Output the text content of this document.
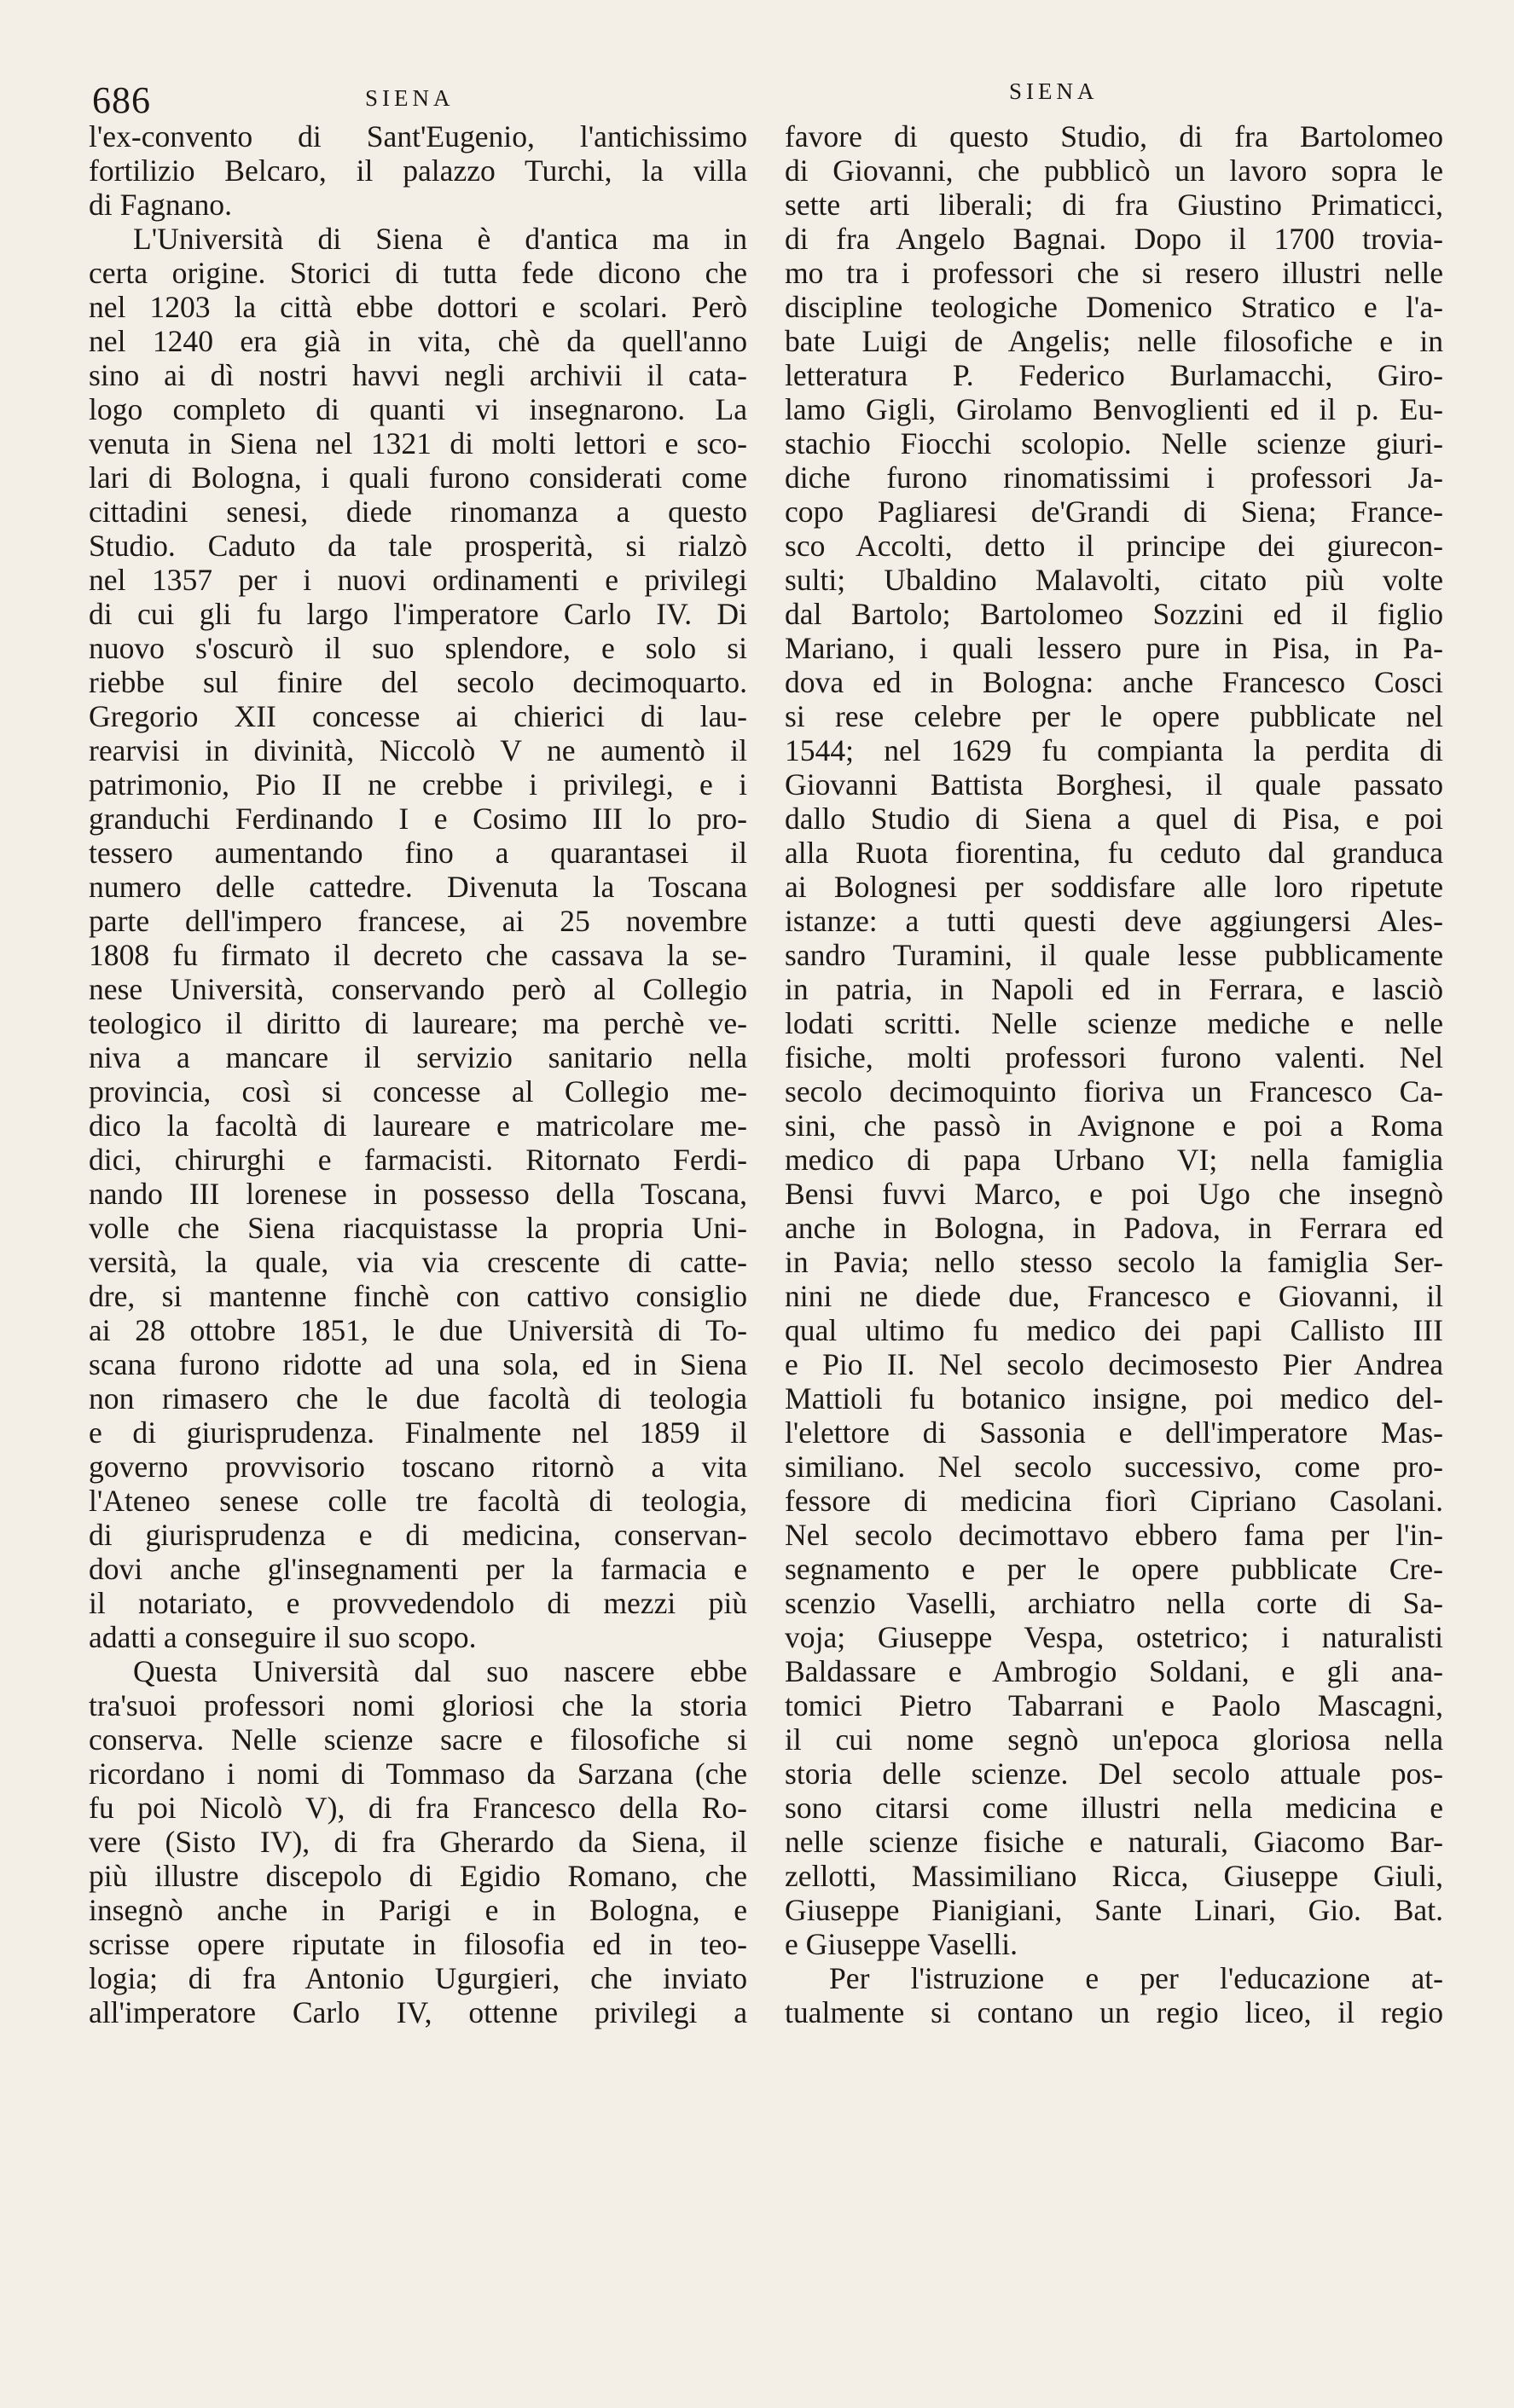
686	SIENA	SIENA
l'ex-convento di Sant'Eugenio, l'antichissimo
fortilizio Belcaro, il palazzo Turchi, la villa
di Fagnano.
L'Università di Siena è d'antica ma in
certa origine. Storici di tutta fede dicono che
nel 1203 la città ebbe dottori e scolari. Però
nel 1240 era già in vita, chè da quell'anno
sino ai dì nostri havvi negli archivii il cata-
logo completo di quanti vi insegnarono. La
venuta in Siena nel 1321 di molti lettori e sco-
lari di Bologna, i quali furono considerati come
cittadini senesi, diede rinomanza a questo
Studio. Caduto da tale prosperità, si rialzò
nel 1357 per i nuovi ordinamenti e privilegi
di cui gli fu largo l'imperatore Carlo IV. Di
nuovo s'oscurò il suo splendore, e solo si
riebbe sul finire del secolo decimoquarto.
Gregorio XII concesse ai chierici di lau-
rearvisi in divinità, Niccolò V ne aumentò il
patrimonio, Pio II ne crebbe i privilegi, e i
granduchi Ferdinando I e Cosimo III lo pro-
tessero aumentando fino a quarantasei il
numero delle cattedre. Divenuta la Toscana
parte dell'impero francese, ai 25 novembre
1808 fu firmato il decreto che cassava la se-
nese Università, conservando però al Collegio
teologico il diritto di laureare; ma perchè ve-
niva a mancare il servizio sanitario nella
provincia, così si concesse al Collegio me-
dico la facoltà di laureare e matricolare me-
dici, chirurghi e farmacisti. Ritornato Ferdi-
nando III lorenese in possesso della Toscana,
volle che Siena riacquistasse la propria Uni-
versità, la quale, via via crescente di catte-
dre, si mantenne finchè con cattivo consiglio
ai 28 ottobre 1851, le due Università di To-
scana furono ridotte ad una sola, ed in Siena
non rimasero che le due facoltà di teologia
e di giurisprudenza. Finalmente nel 1859 il
governo provvisorio toscano ritornò a vita
l'Ateneo senese colle tre facoltà di teologia,
di giurisprudenza e di medicina, conservan-
dovi anche gl'insegnamenti per la farmacia e
il notariato, e provvedendolo di mezzi più
adatti a conseguire il suo scopo.
Questa Università dal suo nascere ebbe
tra'suoi professori nomi gloriosi che la storia
conserva. Nelle scienze sacre e filosofiche si
ricordano i nomi di Tommaso da Sarzana (che
fu poi Nicolò V), di fra Francesco della Ro-
vere (Sisto IV), di fra Gherardo da Siena, il
più illustre discepolo di Egidio Romano, che
insegnò anche in Parigi e in Bologna, e
scrisse opere riputate in filosofia ed in teo-
logia; di fra Antonio Ugurgieri, che inviato
all'imperatore Carlo IV, ottenne privilegi a
favore di questo Studio, di fra Bartolomeo
di Giovanni, che pubblicò un lavoro sopra le
sette arti liberali; di fra Giustino Primaticci,
di fra Angelo Bagnai. Dopo il 1700 trovia-
mo tra i professori che si resero illustri nelle
discipline teologiche Domenico Stratico e l'a-
bate Luigi de Angelis; nelle filosofiche e in
letteratura P. Federico Burlamacchi, Giro-
lamo Gigli, Girolamo Benvoglienti ed il p. Eu-
stachio Fiocchi scolopio. Nelle scienze giuri-
diche furono rinomatissimi i professori Ja-
copo Pagliaresi de'Grandi di Siena; France-
sco Accolti, detto il principe dei giurecon-
sulti; Ubaldino Malavolti, citato più volte
dal Bartolo; Bartolomeo Sozzini ed il figlio
Mariano, i quali lessero pure in Pisa, in Pa-
dova ed in Bologna: anche Francesco Cosci
si rese celebre per le opere pubblicate nel
1544; nel 1629 fu compianta la perdita di
Giovanni Battista Borghesi, il quale passato
dallo Studio di Siena a quel di Pisa, e poi
alla Ruota fiorentina, fu ceduto dal granduca
ai Bolognesi per soddisfare alle loro ripetute
istanze: a tutti questi deve aggiungersi Ales-
sandro Turamini, il quale lesse pubblicamente
in patria, in Napoli ed in Ferrara, e lasciò
lodati scritti. Nelle scienze mediche e nelle
fisiche, molti professori furono valenti. Nel
secolo decimoquinto fioriva un Francesco Ca-
sini, che passò in Avignone e poi a Roma
medico di papa Urbano VI; nella famiglia
Bensi fuvvi Marco, e poi Ugo che insegnò
anche in Bologna, in Padova, in Ferrara ed
in Pavia; nello stesso secolo la famiglia Ser-
nini ne diede due, Francesco e Giovanni, il
qual ultimo fu medico dei papi Callisto III
e Pio II. Nel secolo decimosesto Pier Andrea
Mattioli fu botanico insigne, poi medico del-
l'elettore di Sassonia e dell'imperatore Mas-
similiano. Nel secolo successivo, come pro-
fessore di medicina fiorì Cipriano Casolani.
Nel secolo decimottavo ebbero fama per l'in-
segnamento e per le opere pubblicate Cre-
scenzio Vaselli, archiatro nella corte di Sa-
voja; Giuseppe Vespa, ostetrico; i naturalisti
Baldassare e Ambrogio Soldani, e gli ana-
tomici Pietro Tabarrani e Paolo Mascagni,
il cui nome segnò un'epoca gloriosa nella
storia delle scienze. Del secolo attuale pos-
sono citarsi come illustri nella medicina e
nelle scienze fisiche e naturali, Giacomo Bar-
zellotti, Massimiliano Ricca, Giuseppe Giuli,
Giuseppe Pianigiani, Sante Linari, Gio. Bat.
e Giuseppe Vaselli.
Per l'istruzione e per l'educazione at-
tualmente si contano un regio liceo, il regio
